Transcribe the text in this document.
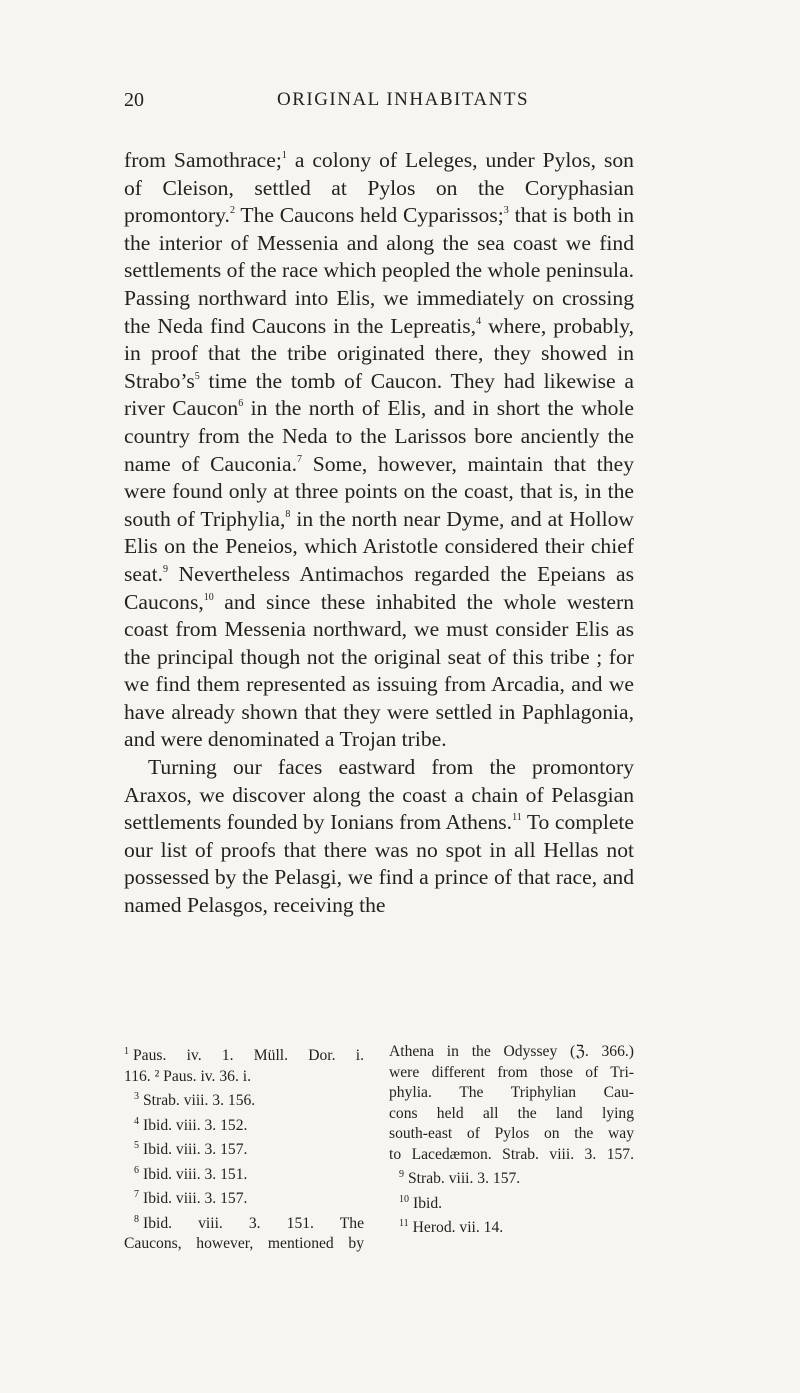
20	ORIGINAL INHABITANTS

from Samothrace;$^1$ a colony of Leleges, under Pylos, son of Cleison, settled at Pylos on the Coryphasian promontory.$^2$ The Caucons held Cyparissos;$^3$ that is both in the interior of Messenia and along the sea coast we find settlements of the race which peopled the whole peninsula. Passing northward into Elis, we immediately on crossing the Neda find Caucons in the Lepreatis,$^4$ where, probably, in proof that the tribe originated there, they showed in $Strabo’s^5$ time the tomb of Caucon. They had likewise a river Caucon$^6$ in the north of Elis, and in short the whole country from the Neda to the Larissos bore anciently the name of Cauconia.$^7$ Some, however, maintain that they were found only at three points on the coast, that is, in the south of Triphylia,$^8$ in the north near Dyme, and at Hollow Elis on the Peneios, which Aristotle considered their chief seat.$^9$ Nevertheless Antimachos regarded the Epeians as Caucons,$^{10}$ and since these inhabited the whole western coast from Messenia northward, we must consider Elis as the principal though not the original seat of this tribe ; for we find them represented as issuing from Arcadia, and we have already shown that they were settled in Paphlagonia, and were denominated a Trojan tribe.

Turning our faces eastward from the promontory Araxos, we discover along the coast a chain of Pelasgian settlements founded by Ionians from Athens.$^{11}$ To complete our list of proofs that there was no spot in all Hellas not possessed by the Pelasgi, we find a prince of that race, and named Pelasgos, receiving the

$^1$ Paus. iv. 1. Müll. Dor. i.
116. ² Paus. iv. 36. i.
$^3$ Strab. viii. 3. 156.
$^4$ Ibid. viii. 3. 152.
$^5$ Ibid. viii. 3. 157.
$^6$ Ibid. viii. 3. 151.
$^7$ Ibid. viii. 3. 157.
$^8$ Ibid. viii. 3. 151. The
Caucons, however, mentioned by
Athena in the Odyssey (ℨ. 366.)
were different from those of Tri-
phylia. The Triphylian Cau-
cons held all the land lying
south-east of Pylos on the way
to Lacedæmon. Strab. viii. 3. 157.
$^9$ Strab. viii. 3. 157.
$^{10}$ Ibid.
$^{11}$ Herod. vii. 14.
